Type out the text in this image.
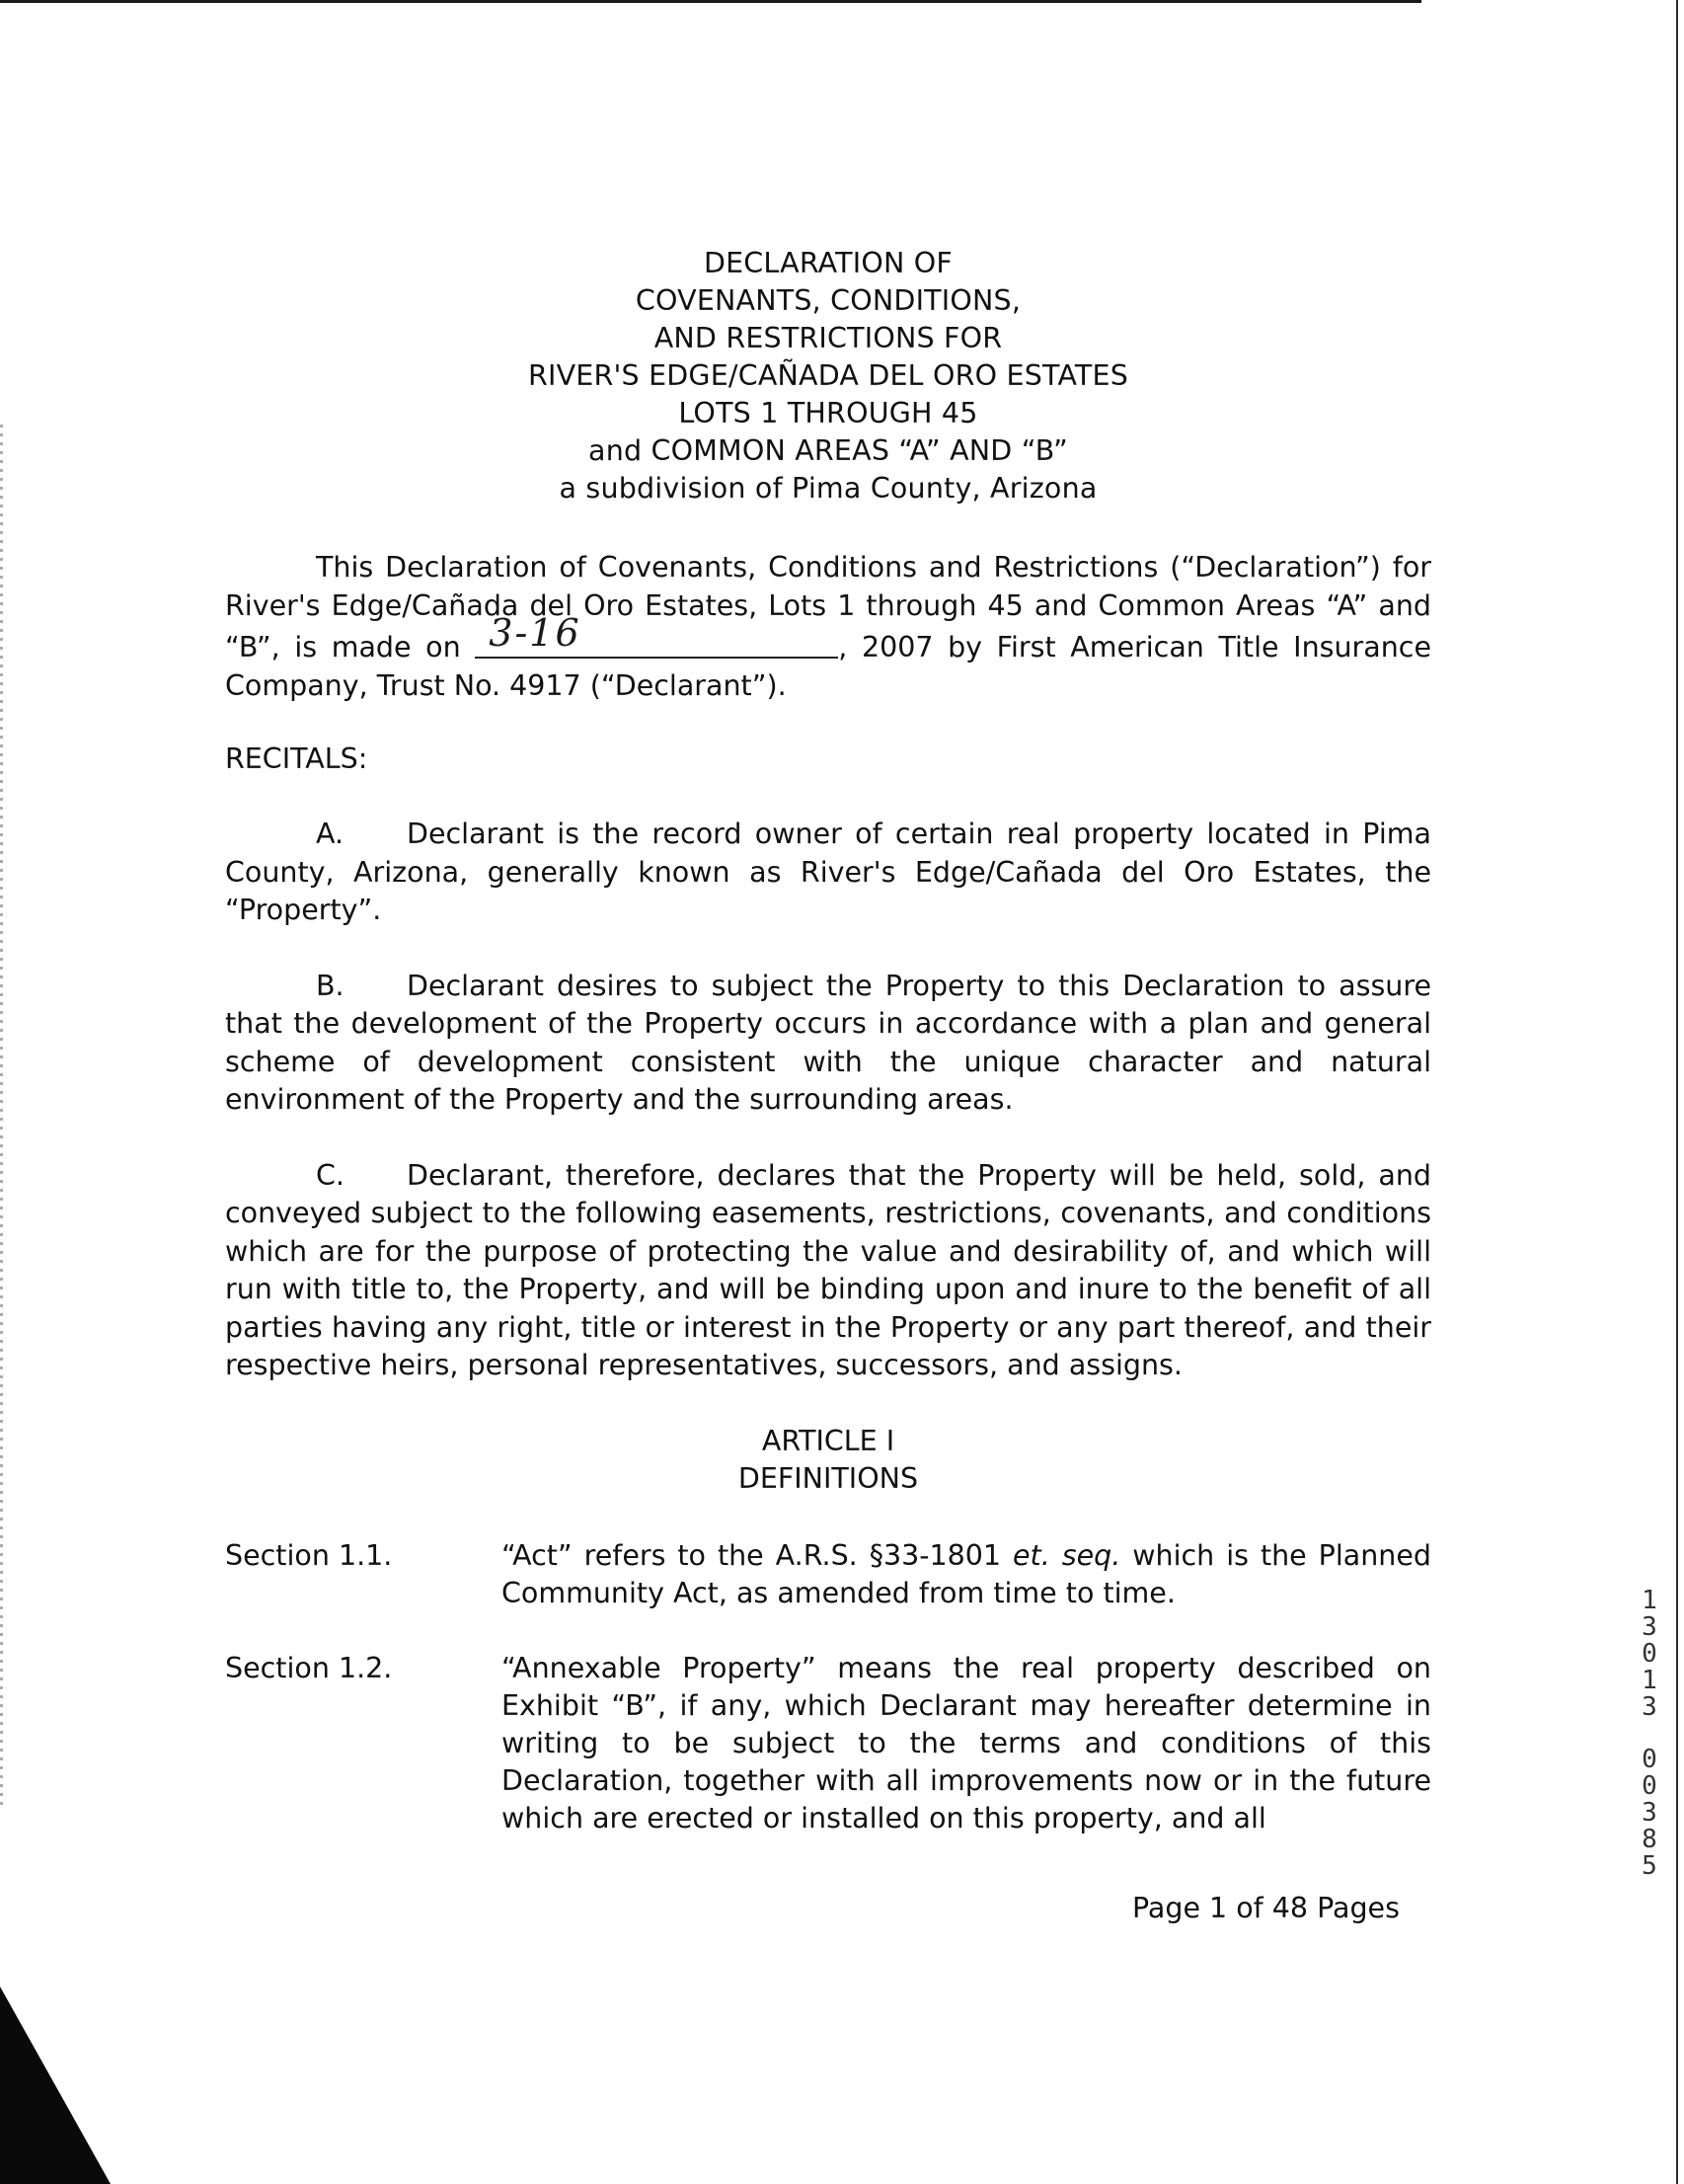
DECLARATION OF
COVENANTS, CONDITIONS,
AND RESTRICTIONS FOR
RIVER'S EDGE/CAÑADA DEL ORO ESTATES
LOTS 1 THROUGH 45
and COMMON AREAS “A” AND “B”
a subdivision of Pima County, Arizona

This Declaration of Covenants, Conditions and Restrictions (“Declaration”) for River's Edge/Cañada del Oro Estates, Lots 1 through 45 and Common Areas “A” and “B”, is made on 3-16	, 2007 by First American Title Insurance Company, Trust No. 4917 (“Declarant”).

RECITALS:

A. Declarant is the record owner of certain real property located in Pima County, Arizona, generally known as River's Edge/Cañada del Oro Estates, the “Property”.

B. Declarant desires to subject the Property to this Declaration to assure that the development of the Property occurs in accordance with a plan and general scheme of development consistent with the unique character and natural environment of the Property and the surrounding areas.

C. Declarant, therefore, declares that the Property will be held, sold, and conveyed subject to the following easements, restrictions, covenants, and conditions which are for the purpose of protecting the value and desirability of, and which will run with title to, the Property, and will be binding upon and inure to the benefit of all parties having any right, title or interest in the Property or any part thereof, and their respective heirs, personal representatives, successors, and assigns.

ARTICLE I
DEFINITIONS
Section 1.1.	“Act” refers to the A.R.S. §33-1801 et. seq. which is the Planned Community Act, as amended from time to time.
Section 1.2.	“Annexable Property” means the real property described on Exhibit “B”, if any, which Declarant may hereafter determine in writing to be subject to the terms and conditions of this Declaration, together with all improvements now or in the future which are erected or installed on this property, and all
Page 1 of 48 Pages
1
3
0
1
3
0
0
3
8
5
